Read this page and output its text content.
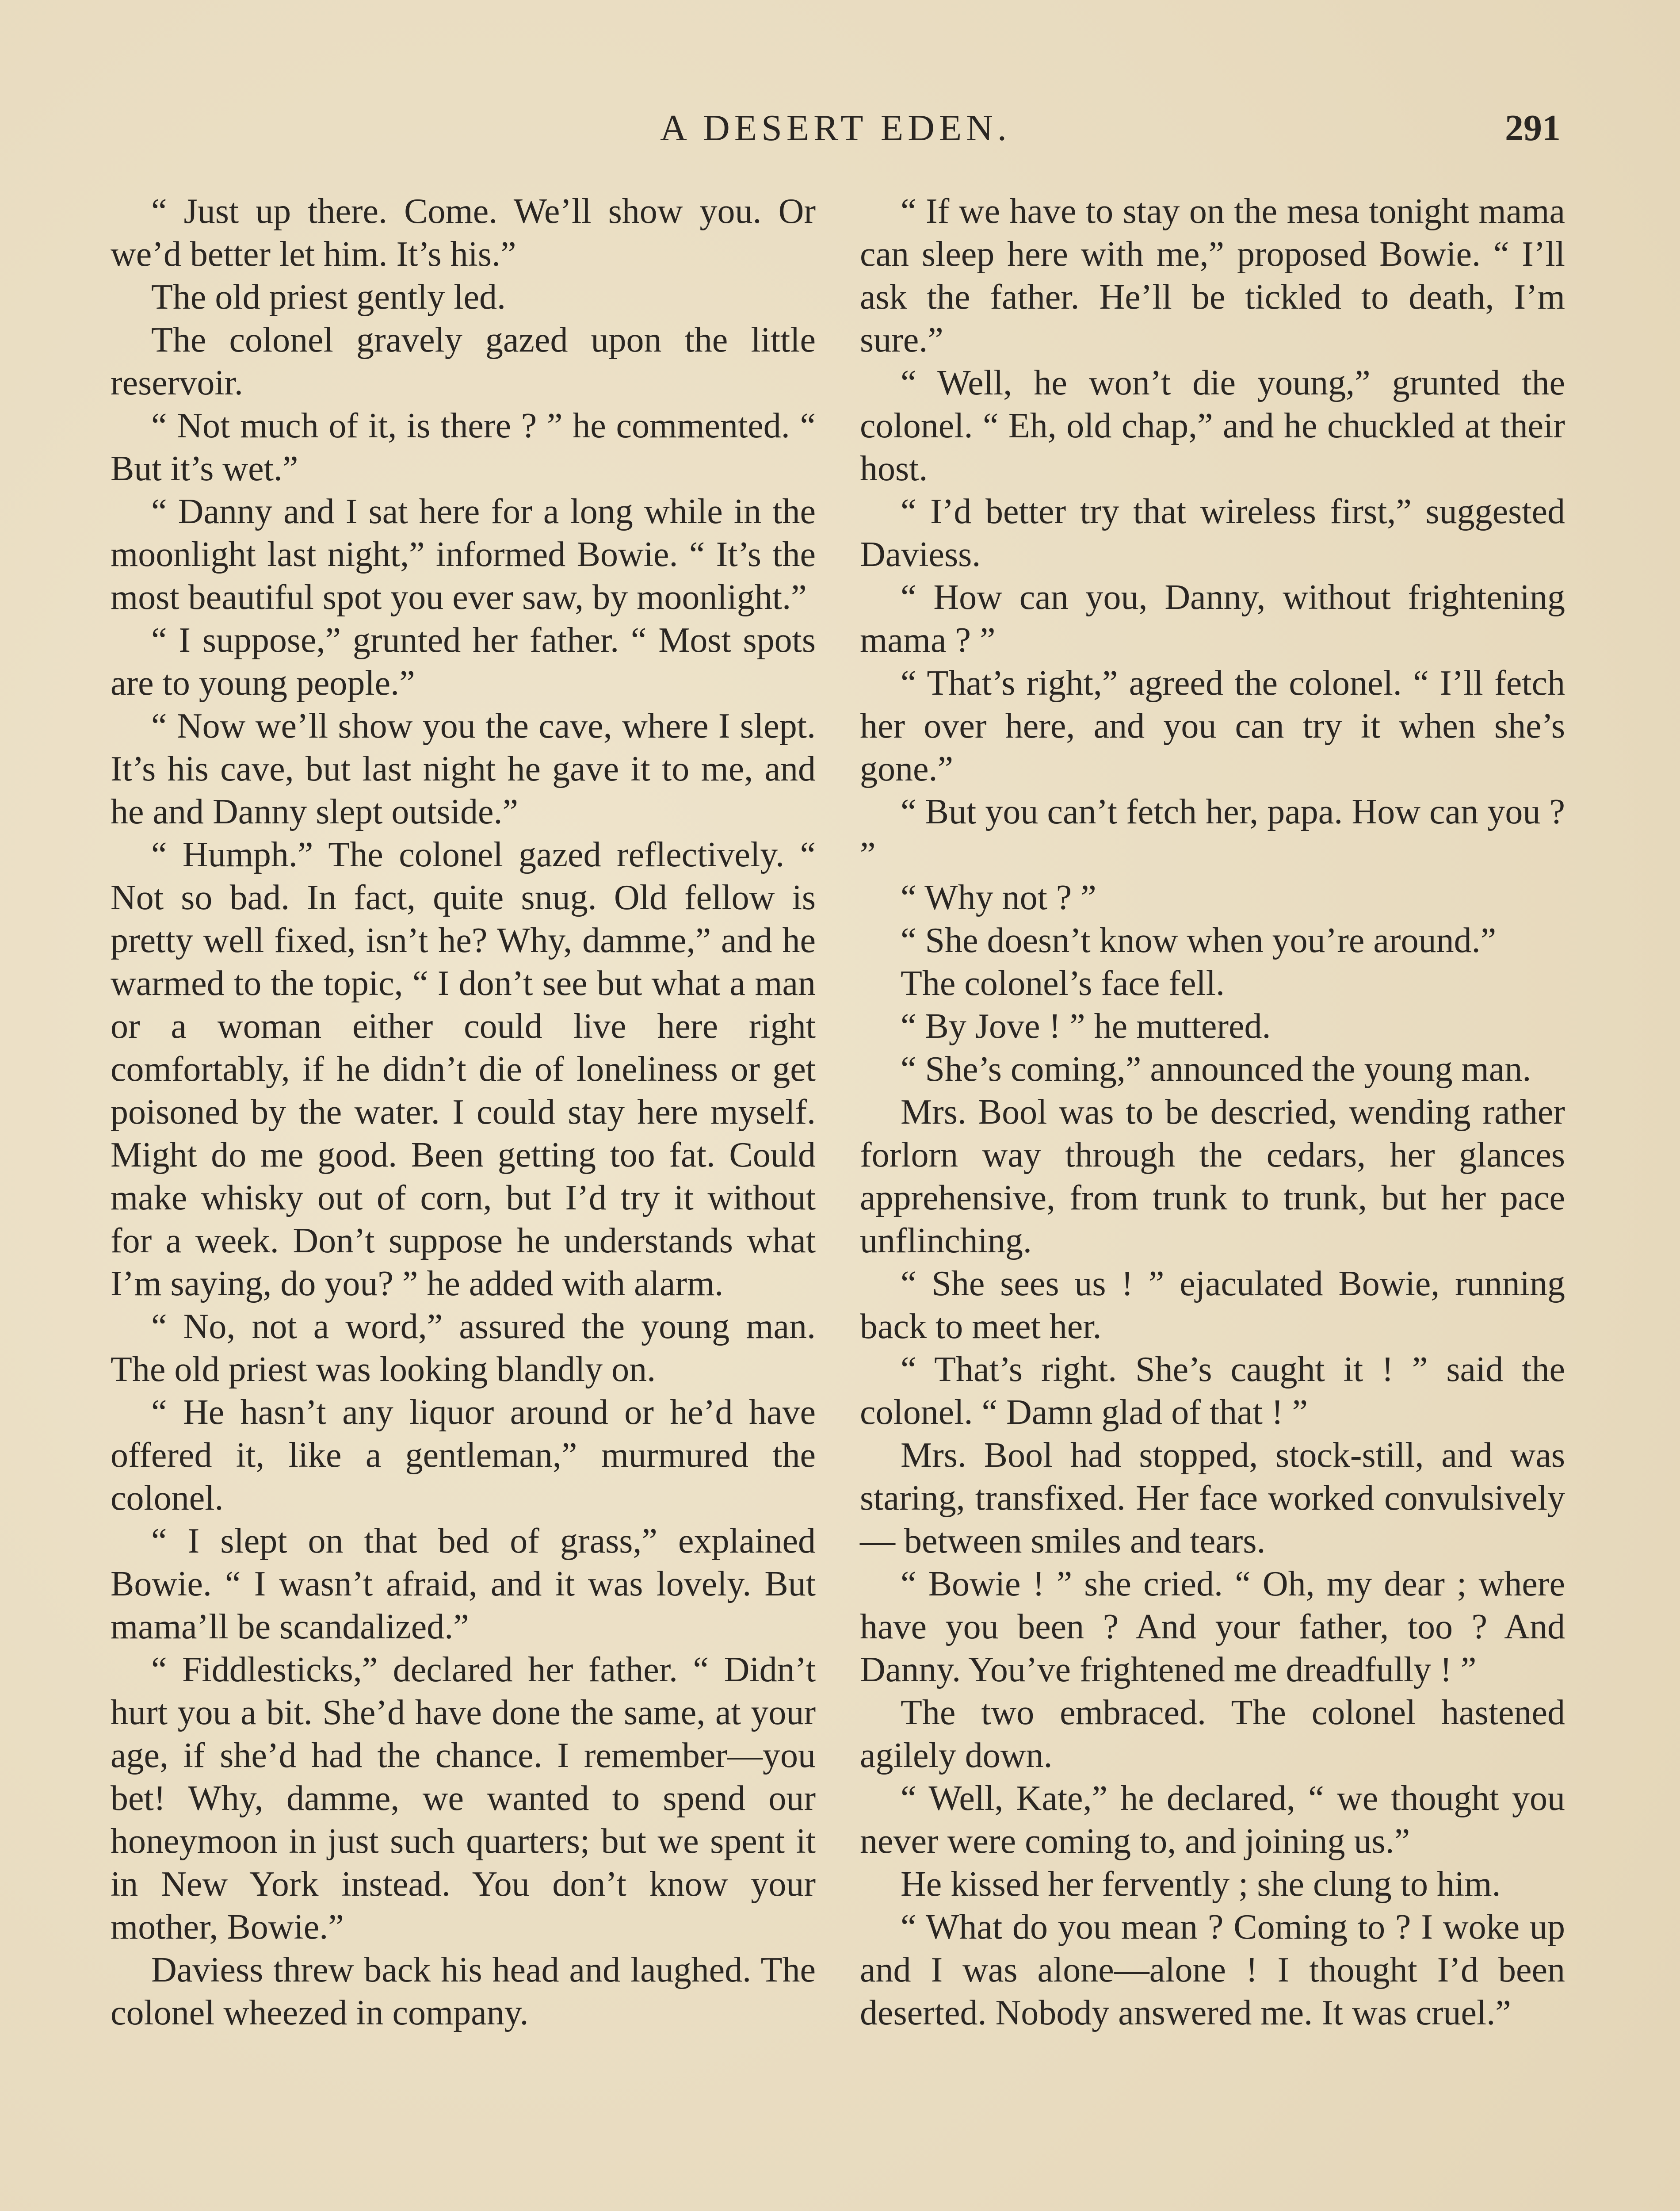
A DESERT EDEN.	291

“ Just up there. Come. We’ll show you. Or we’d better let him. It’s his.”

The old priest gently led.

The colonel gravely gazed upon the little reservoir.

“ Not much of it, is there ? ” he commented. “ But it’s wet.”

“ Danny and I sat here for a long while in the moonlight last night,” informed Bowie. “ It’s the most beautiful spot you ever saw, by moonlight.”

“ I suppose,” grunted her father. “ Most spots are to young people.”

“ Now we’ll show you the cave, where I slept. It’s his cave, but last night he gave it to me, and he and Danny slept outside.”

“ Humph.” The colonel gazed reflectively. “ Not so bad. In fact, quite snug. Old fellow is pretty well fixed, isn’t he? Why, damme,” and he warmed to the topic, “ I don’t see but what a man or a woman either could live here right comfortably, if he didn’t die of loneliness or get poisoned by the water. I could stay here myself. Might do me good. Been getting too fat. Could make whisky out of corn, but I’d try it without for a week. Don’t suppose he understands what I’m saying, do you? ” he added with alarm.

“ No, not a word,” assured the young man. The old priest was looking blandly on.

“ He hasn’t any liquor around or he’d have offered it, like a gentleman,” murmured the colonel.

“ I slept on that bed of grass,” explained Bowie. “ I wasn’t afraid, and it was lovely. But mama’ll be scandalized.”

“ Fiddlesticks,” declared her father. “ Didn’t hurt you a bit. She’d have done the same, at your age, if she’d had the chance. I remember—you bet! Why, damme, we wanted to spend our honeymoon in just such quarters; but we spent it in New York instead. You don’t know your mother, Bowie.”

Daviess threw back his head and laughed. The colonel wheezed in company.

“ If we have to stay on the mesa tonight mama can sleep here with me,” proposed Bowie. “ I’ll ask the father. He’ll be tickled to death, I’m sure.”

“ Well, he won’t die young,” grunted the colonel. “ Eh, old chap,” and he chuckled at their host.

“ I’d better try that wireless first,” suggested Daviess.

“ How can you, Danny, without frightening mama ? ”

“ That’s right,” agreed the colonel. “ I’ll fetch her over here, and you can try it when she’s gone.”

“ But you can’t fetch her, papa. How can you ? ”

“ Why not ? ”

“ She doesn’t know when you’re around.”

The colonel’s face fell.

“ By Jove ! ” he muttered.

“ She’s coming,” announced the young man.

Mrs. Bool was to be descried, wending rather forlorn way through the cedars, her glances apprehensive, from trunk to trunk, but her pace unflinching.

“ She sees us ! ” ejaculated Bowie, running back to meet her.

“ That’s right. She’s caught it ! ” said the colonel. “ Damn glad of that ! ”

Mrs. Bool had stopped, stock-still, and was staring, transfixed. Her face worked convulsively — between smiles and tears.

“ Bowie ! ” she cried. “ Oh, my dear ; where have you been ? And your father, too ? And Danny. You’ve frightened me dreadfully ! ”

The two embraced. The colonel hastened agilely down.

“ Well, Kate,” he declared, “ we thought you never were coming to, and joining us.”

He kissed her fervently ; she clung to him.

“ What do you mean ? Coming to ? I woke up and I was alone—alone ! I thought I’d been deserted. Nobody answered me. It was cruel.”
